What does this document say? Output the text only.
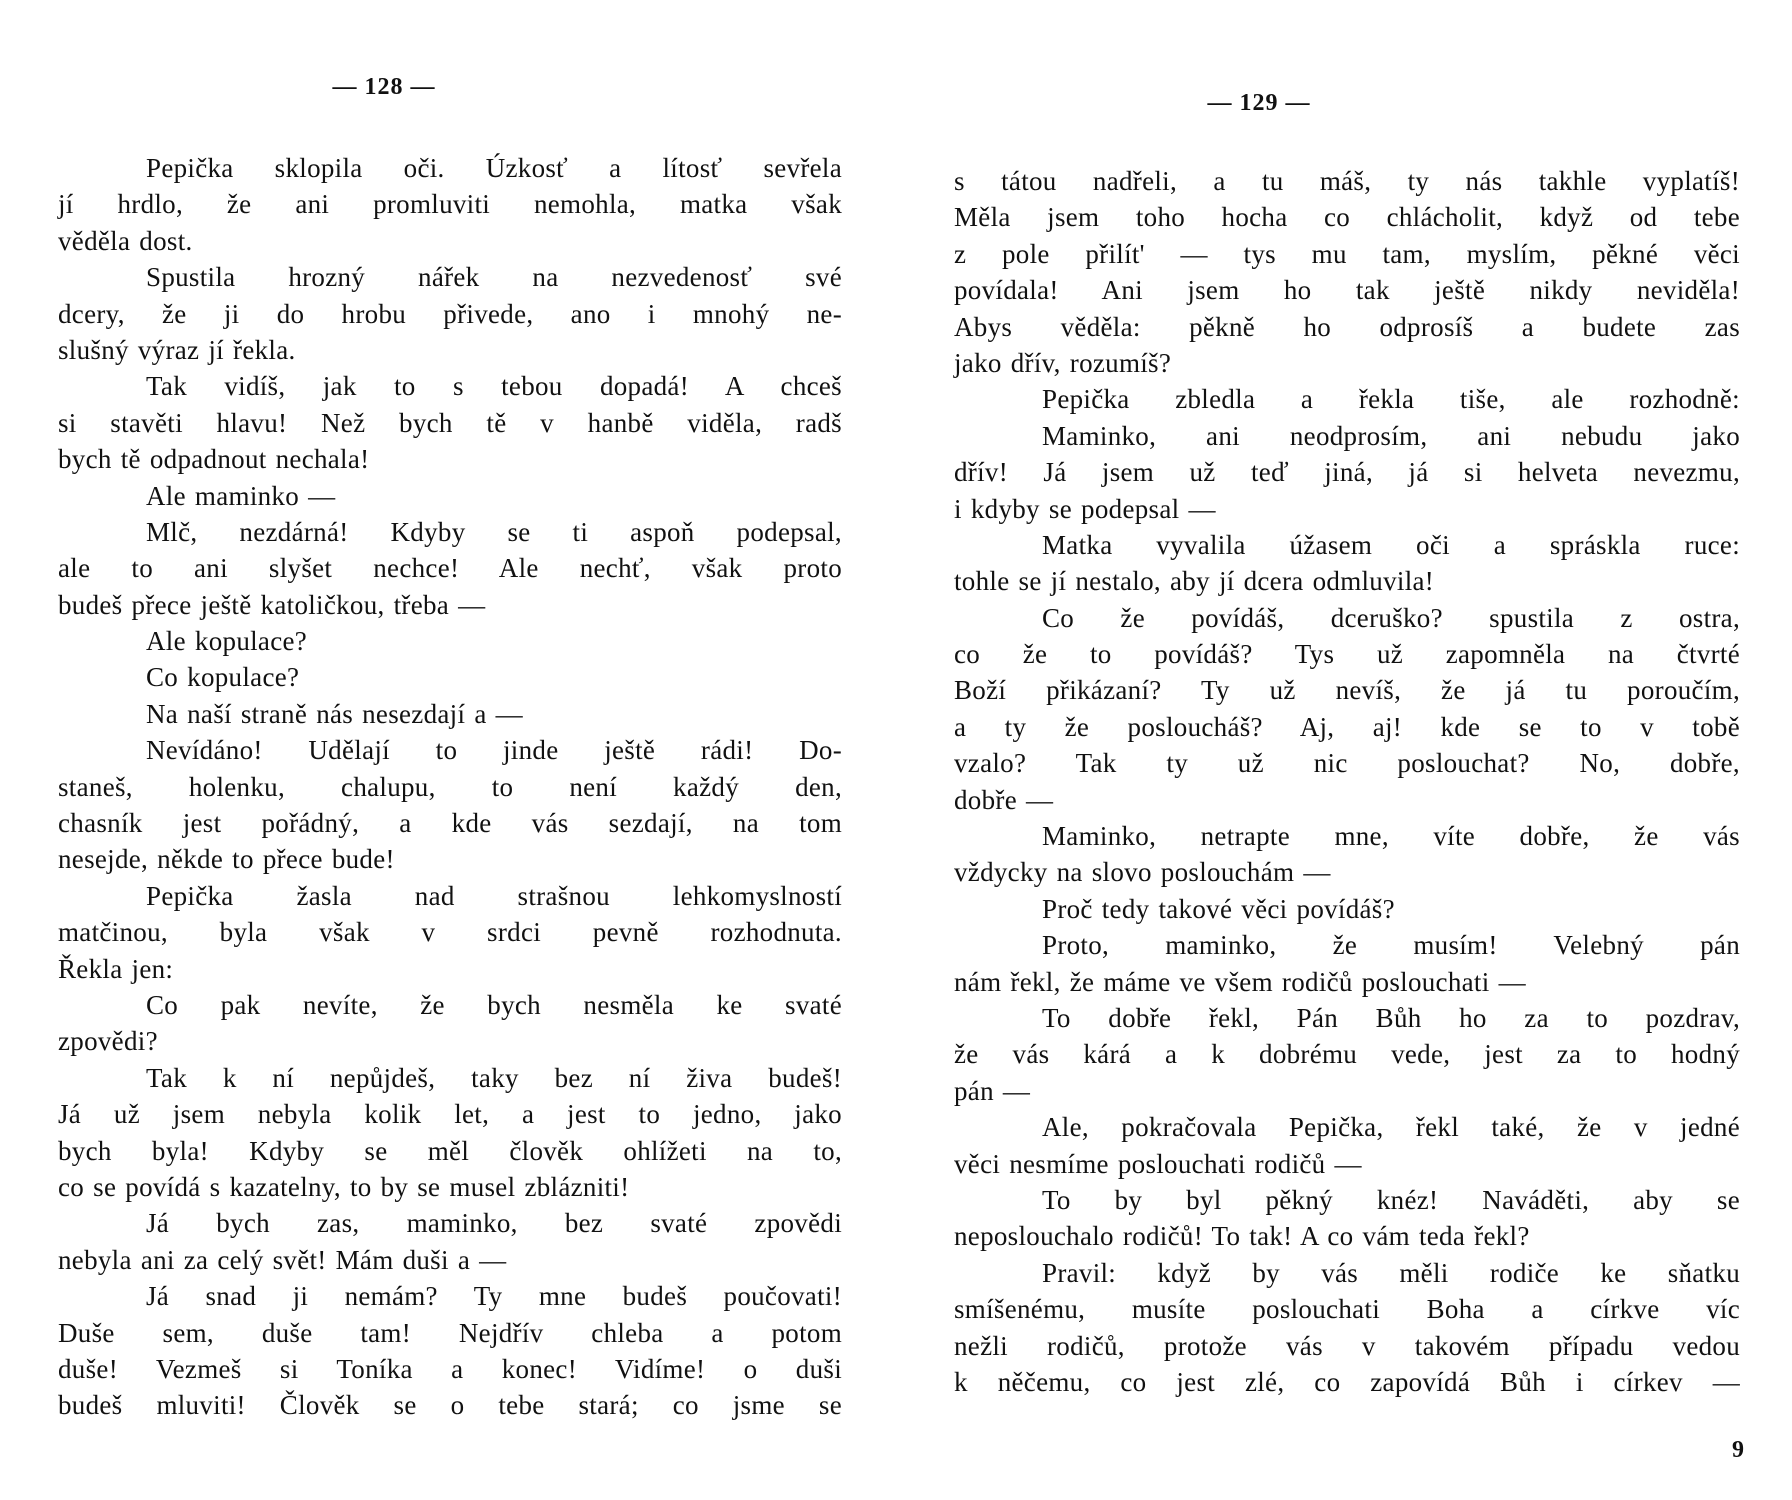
— 128 —
Pepička sklopila oči. Úzkosť a lítosť sevřela
jí hrdlo, že ani promluviti nemohla, matka však
věděla dost.
Spustila hrozný nářek na nezvedenosť své
dcery, že ji do hrobu přivede, ano i mnohý ne-
slušný výraz jí řekla.
Tak vidíš, jak to s tebou dopadá! A chceš
si stavěti hlavu! Než bych tě v hanbě viděla, radš
bych tě odpadnout nechala!
Ale maminko —
Mlč, nezdárná! Kdyby se ti aspoň podepsal,
ale to ani slyšet nechce! Ale nechť, však proto
budeš přece ještě katoličkou, třeba —
Ale kopulace?
Co kopulace?
Na naší straně nás nesezdají a —
Nevídáno! Udělají to jinde ještě rádi! Do-
staneš, holenku, chalupu, to není každý den,
chasník jest pořádný, a kde vás sezdají, na tom
nesejde, někde to přece bude!
Pepička žasla nad strašnou lehkomyslností
matčinou, byla však v srdci pevně rozhodnuta.
Řekla jen:
Co pak nevíte, že bych nesměla ke svaté
zpovědi?
Tak k ní nepůjdeš, taky bez ní živa budeš!
Já už jsem nebyla kolik let, a jest to jedno, jako
bych byla! Kdyby se měl člověk ohlížeti na to,
co se povídá s kazatelny, to by se musel zblázniti!
Já bych zas, maminko, bez svaté zpovědi
nebyla ani za celý svět! Mám duši a —
Já snad ji nemám? Ty mne budeš poučovati!
Duše sem, duše tam! Nejdřív chleba a potom
duše! Vezmeš si Toníka a konec! Vidíme! o duši
budeš mluviti! Člověk se o tebe stará; co jsme se
— 129 —
s tátou nadřeli, a tu máš, ty nás takhle vyplatíš!
Měla jsem toho hocha co chlácholit, když od tebe
z pole přilít' — tys mu tam, myslím, pěkné věci
povídala! Ani jsem ho tak ještě nikdy neviděla!
Abys věděla: pěkně ho odprosíš a budete zas
jako dřív, rozumíš?
Pepička zbledla a řekla tiše, ale rozhodně:
Maminko, ani neodprosím, ani nebudu jako
dřív! Já jsem už teď jiná, já si helveta nevezmu,
i kdyby se podepsal —
Matka vyvalila úžasem oči a spráskla ruce:
tohle se jí nestalo, aby jí dcera odmluvila!
Co že povídáš, dceruško? spustila z ostra,
co že to povídáš? Tys už zapomněla na čtvrté
Boží přikázaní? Ty už nevíš, že já tu poroučím,
a ty že posloucháš? Aj, aj! kde se to v tobě
vzalo? Tak ty už nic poslouchat? No, dobře,
dobře —
Maminko, netrapte mne, víte dobře, že vás
vždycky na slovo poslouchám —
Proč tedy takové věci povídáš?
Proto, maminko, že musím! Velebný pán
nám řekl, že máme ve všem rodičů poslouchati —
To dobře řekl, Pán Bůh ho za to pozdrav,
že vás kárá a k dobrému vede, jest za to hodný
pán —
Ale, pokračovala Pepička, řekl také, že v jedné
věci nesmíme poslouchati rodičů —
To by byl pěkný knéz! Naváděti, aby se
neposlouchalo rodičů! To tak! A co vám teda řekl?
Pravil: když by vás měli rodiče ke sňatku
smíšenému, musíte poslouchati Boha a církve víc
nežli rodičů, protože vás v takovém případu vedou
k něčemu, co jest zlé, co zapovídá Bůh i církev —
9
